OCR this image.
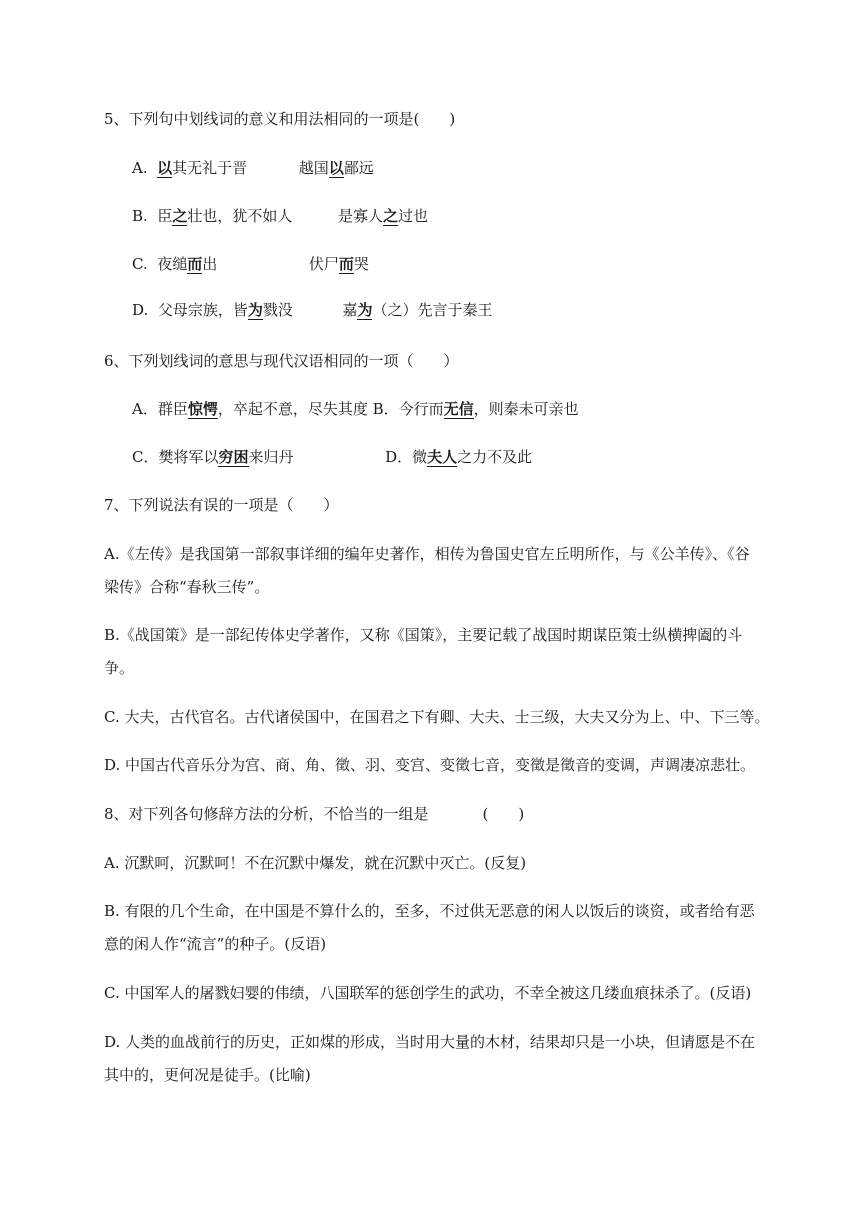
5、下列句中划线词的意义和用法相同的一项是(　　)
A. 以其无礼于晋	越国以鄙远
B. 臣之壮也，犹不如人	是寡人之过也
C. 夜缒而出	伏尸而哭
D. 父母宗族，皆为戮没	嘉为（之）先言于秦王
6、下列划线词的意思与现代汉语相同的一项（　　）
A．群臣惊愕，卒起不意，尽失其度 B．今行而无信，则秦未可亲也
C．樊将军以穷困来归丹	D．微夫人之力不及此
7、下列说法有误的一项是（　　）
A.《左传》是我国第一部叙事详细的编年史著作，相传为鲁国史官左丘明所作，与《公羊传》、《谷
梁传》合称“春秋三传”。
B.《战国策》是一部纪传体史学著作，又称《国策》，主要记载了战国时期谋臣策士纵横捭阖的斗
争。
C. 大夫，古代官名。古代诸侯国中，在国君之下有卿、大夫、士三级，大夫又分为上、中、下三等。
D. 中国古代音乐分为宫、商、角、徵、羽、变宫、变徵七音，变徵是徵音的变调，声调凄凉悲壮。
8、对下列各句修辞方法的分析，不恰当的一组是	(　　)
A. 沉默呵，沉默呵！不在沉默中爆发，就在沉默中灭亡。(反复)
B. 有限的几个生命，在中国是不算什么的，至多，不过供无恶意的闲人以饭后的谈资，或者给有恶
意的闲人作“流言”的种子。(反语)
C. 中国军人的屠戮妇婴的伟绩，八国联军的惩创学生的武功，不幸全被这几缕血痕抹杀了。(反语)
D. 人类的血战前行的历史，正如煤的形成，当时用大量的木材，结果却只是一小块，但请愿是不在
其中的，更何况是徒手。(比喻)
